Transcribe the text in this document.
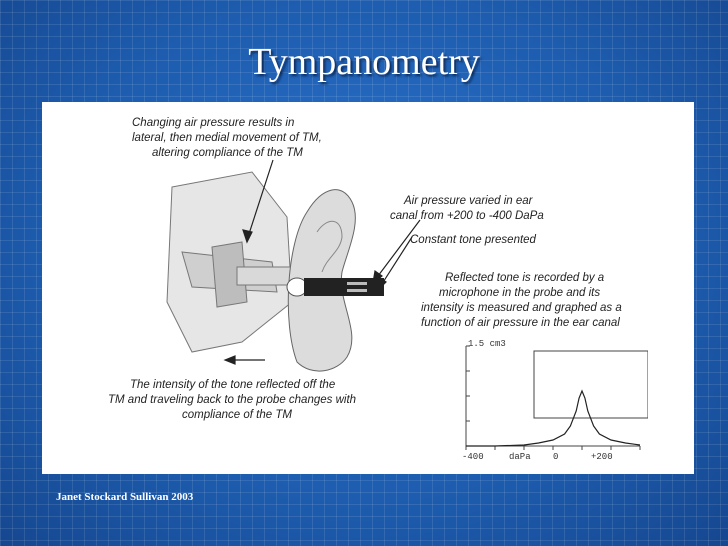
Tympanometry
Changing air pressure results in
lateral, then medial movement of TM,
altering compliance of the TM
Air pressure varied in ear
canal from +200 to -400 DaPa
Constant tone presented
Reflected tone is recorded by a
microphone in the probe and its
intensity is measured and graphed as a
function of air pressure in the ear canal
The intensity of the tone reflected off the
TM and traveling back to the probe changes with
compliance of the TM
1.5 cm3
-400	daPa 0	+200
Janet Stockard Sullivan 2003
